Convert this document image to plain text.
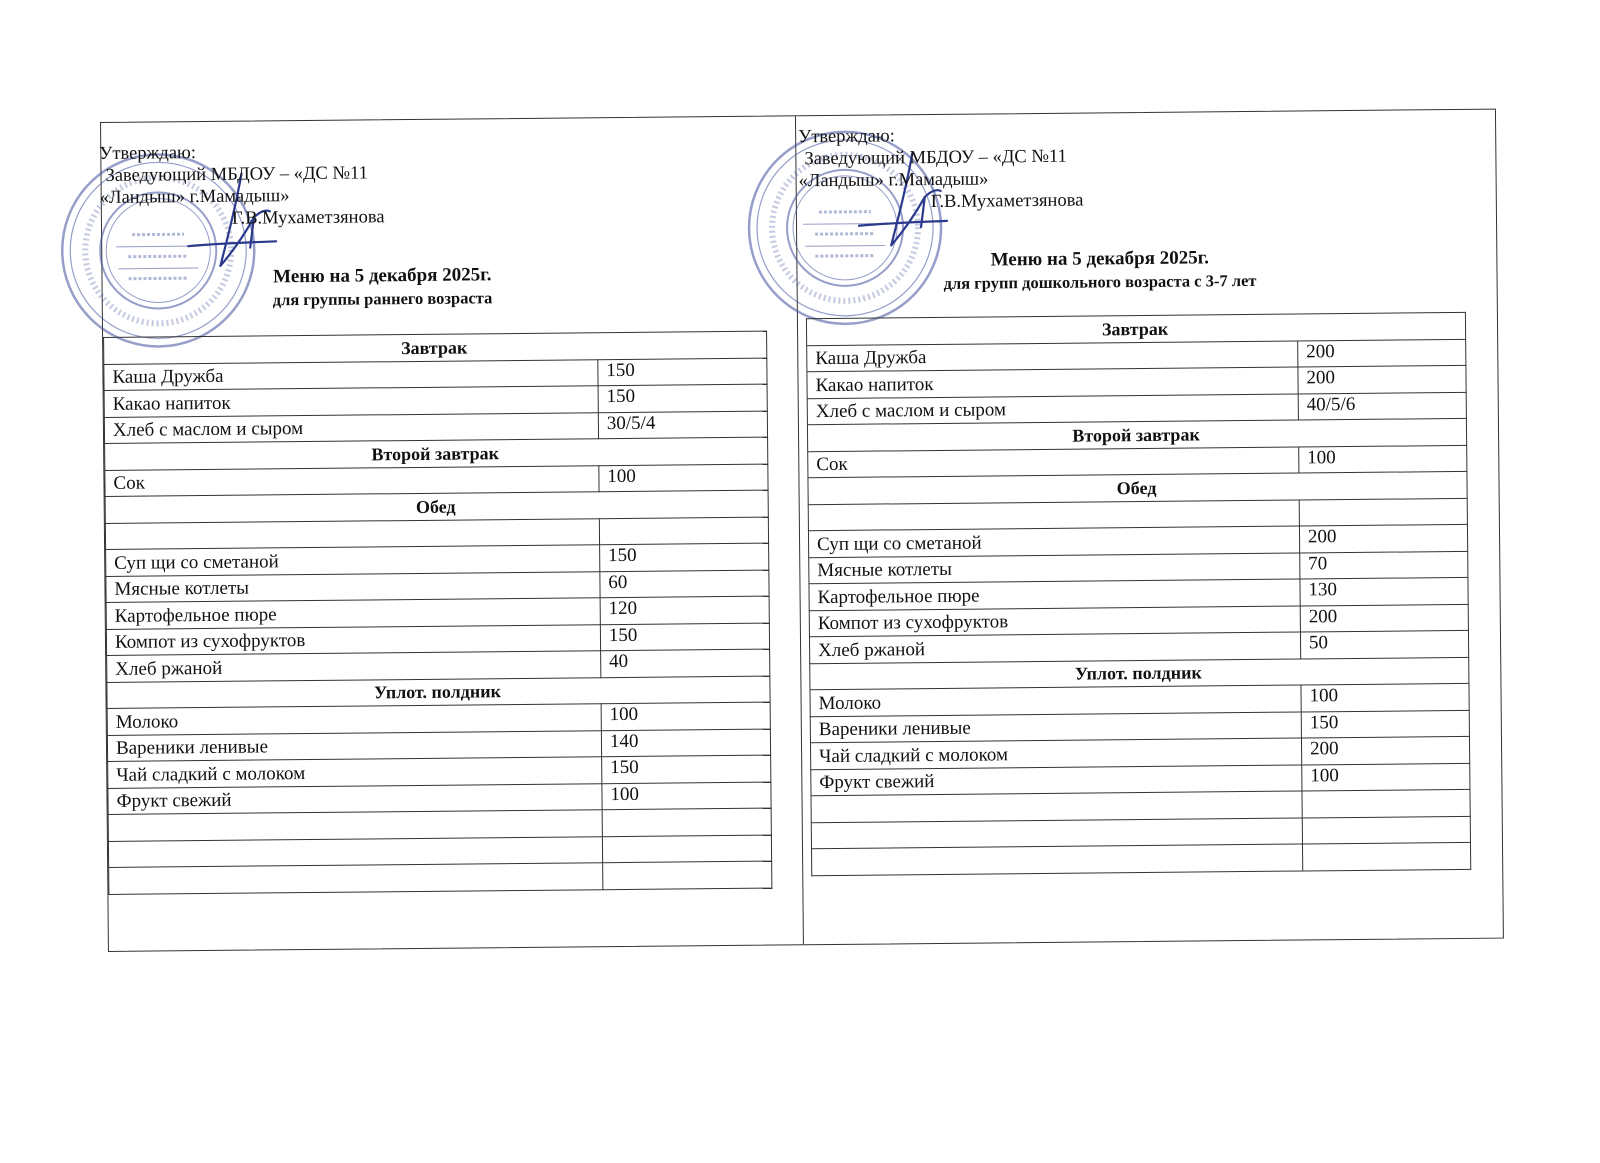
Утверждаю:
Заведующий МБДОУ – «ДС №11
«Ландыш» г.Мамадыш»
Г.В.Мухаметзянова
Меню на 5 декабря 2025г.
для группы раннего возраста
Завтрак	
Каша Дружба	150
Какао напиток	150
Хлеб с маслом и сыром	30/5/4
Второй завтрак	
Сок	100
Обед	

Суп щи со сметаной	150
Мясные котлеты	60
Картофельное пюре	120
Компот из сухофруктов	150
Хлеб ржаной	40
Уплот. полдник	
Молоко	100
Вареники ленивые	140
Чай сладкий с молоком	150
Фрукт свежий	100

Утверждаю:
Заведующий МБДОУ – «ДС №11
«Ландыш» г.Мамадыш»
Г.В.Мухаметзянова
Меню на 5 декабря 2025г.
для групп дошкольного возраста с 3-7 лет
Завтрак	
Каша Дружба	200
Какао напиток	200
Хлеб с маслом и сыром	40/5/6
Второй завтрак	
Сок	100
Обед	

Суп щи со сметаной	200
Мясные котлеты	70
Картофельное пюре	130
Компот из сухофруктов	200
Хлеб ржаной	50
Уплот. полдник	
Молоко	100
Вареники ленивые	150
Чай сладкий с молоком	200
Фрукт свежий	100
